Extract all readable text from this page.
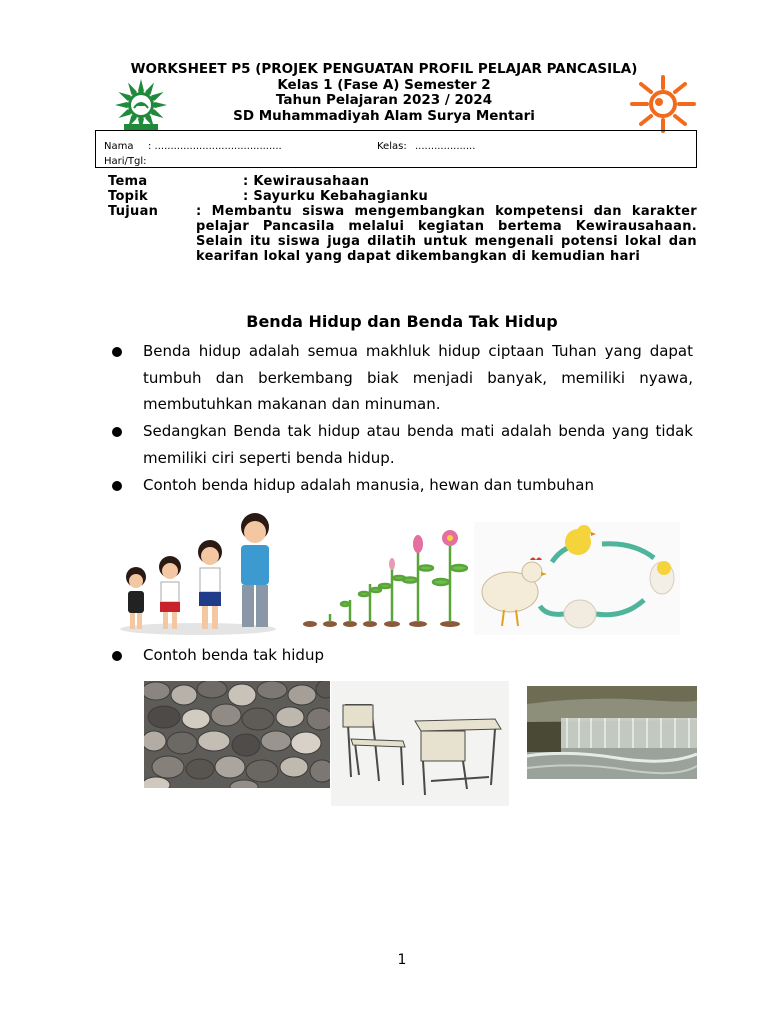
WORKSHEET P5 (PROJEK PENGUATAN PROFIL PELAJAR PANCASILA)
Kelas 1 (Fase A) Semester 2
Tahun Pelajaran 2023 / 2024
SD Muhammadiyah Alam Surya Mentari
Nama : ........................................	Kelas: ...................
Hari/Tgl:
Tema	: Kewirausahaan
Topik	: Sayurku Kebahagianku
Tujuan	: Membantu siswa mengembangkan kompetensi dan karakter pelajar Pancasila melalui kegiatan bertema Kewirausahaan. Selain itu siswa juga dilatih untuk mengenali potensi lokal dan kearifan lokal yang dapat dikembangkan di kemudian hari
Benda Hidup dan Benda Tak Hidup
Benda hidup adalah semua makhluk hidup ciptaan Tuhan yang dapat tumbuh dan berkembang biak menjadi banyak, memiliki nyawa, membutuhkan makanan dan minuman.
Sedangkan Benda tak hidup atau benda mati adalah benda yang tidak memiliki ciri seperti benda hidup.
Contoh benda hidup adalah manusia, hewan dan tumbuhan
Contoh benda tak hidup
1
